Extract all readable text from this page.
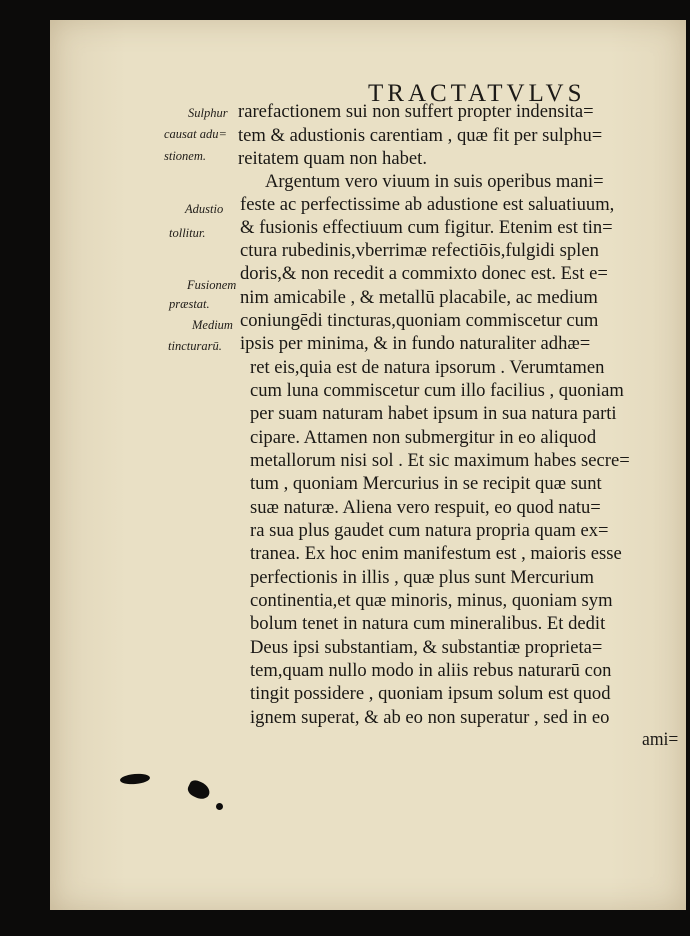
TRACTATVLVS
Sulphur
causat adu=
stionem.
Adustio
tollitur.
Fusionem
præstat.
Medium
tincturarū.
rarefactionem sui non suffert propter indensita=
tem & adustionis carentiam , quæ fit per sulphu=
reitatem quam non habet.
Argentum vero viuum in suis operibus mani=
feste ac perfectissime ab adustione est saluatiuum,
& fusionis effectiuum cum figitur. Etenim est tin=
ctura rubedinis,vberrimæ refectiōis,fulgidi splen
doris,& non recedit a commixto donec est. Est e=
nim amicabile , & metallū placabile, ac medium
coniungēdi tincturas,quoniam commiscetur cum
ipsis per minima, & in fundo naturaliter adhæ=
ret eis,quia est de natura ipsorum . Verumtamen
cum luna commiscetur cum illo facilius , quoniam
per suam naturam habet ipsum in sua natura parti
cipare. Attamen non submergitur in eo aliquod
metallorum nisi sol . Et sic maximum habes secre=
tum , quoniam Mercurius in se recipit quæ sunt
suæ naturæ. Aliena vero respuit, eo quod natu=
ra sua plus gaudet cum natura propria quam ex=
tranea. Ex hoc enim manifestum est , maioris esse
perfectionis in illis , quæ plus sunt Mercurium
continentia,et quæ minoris, minus, quoniam sym
bolum tenet in natura cum mineralibus. Et dedit
Deus ipsi substantiam, & substantiæ proprieta=
tem,quam nullo modo in aliis rebus naturarū con
tingit possidere , quoniam ipsum solum est quod
ignem superat, & ab eo non superatur , sed in eo
ami=
